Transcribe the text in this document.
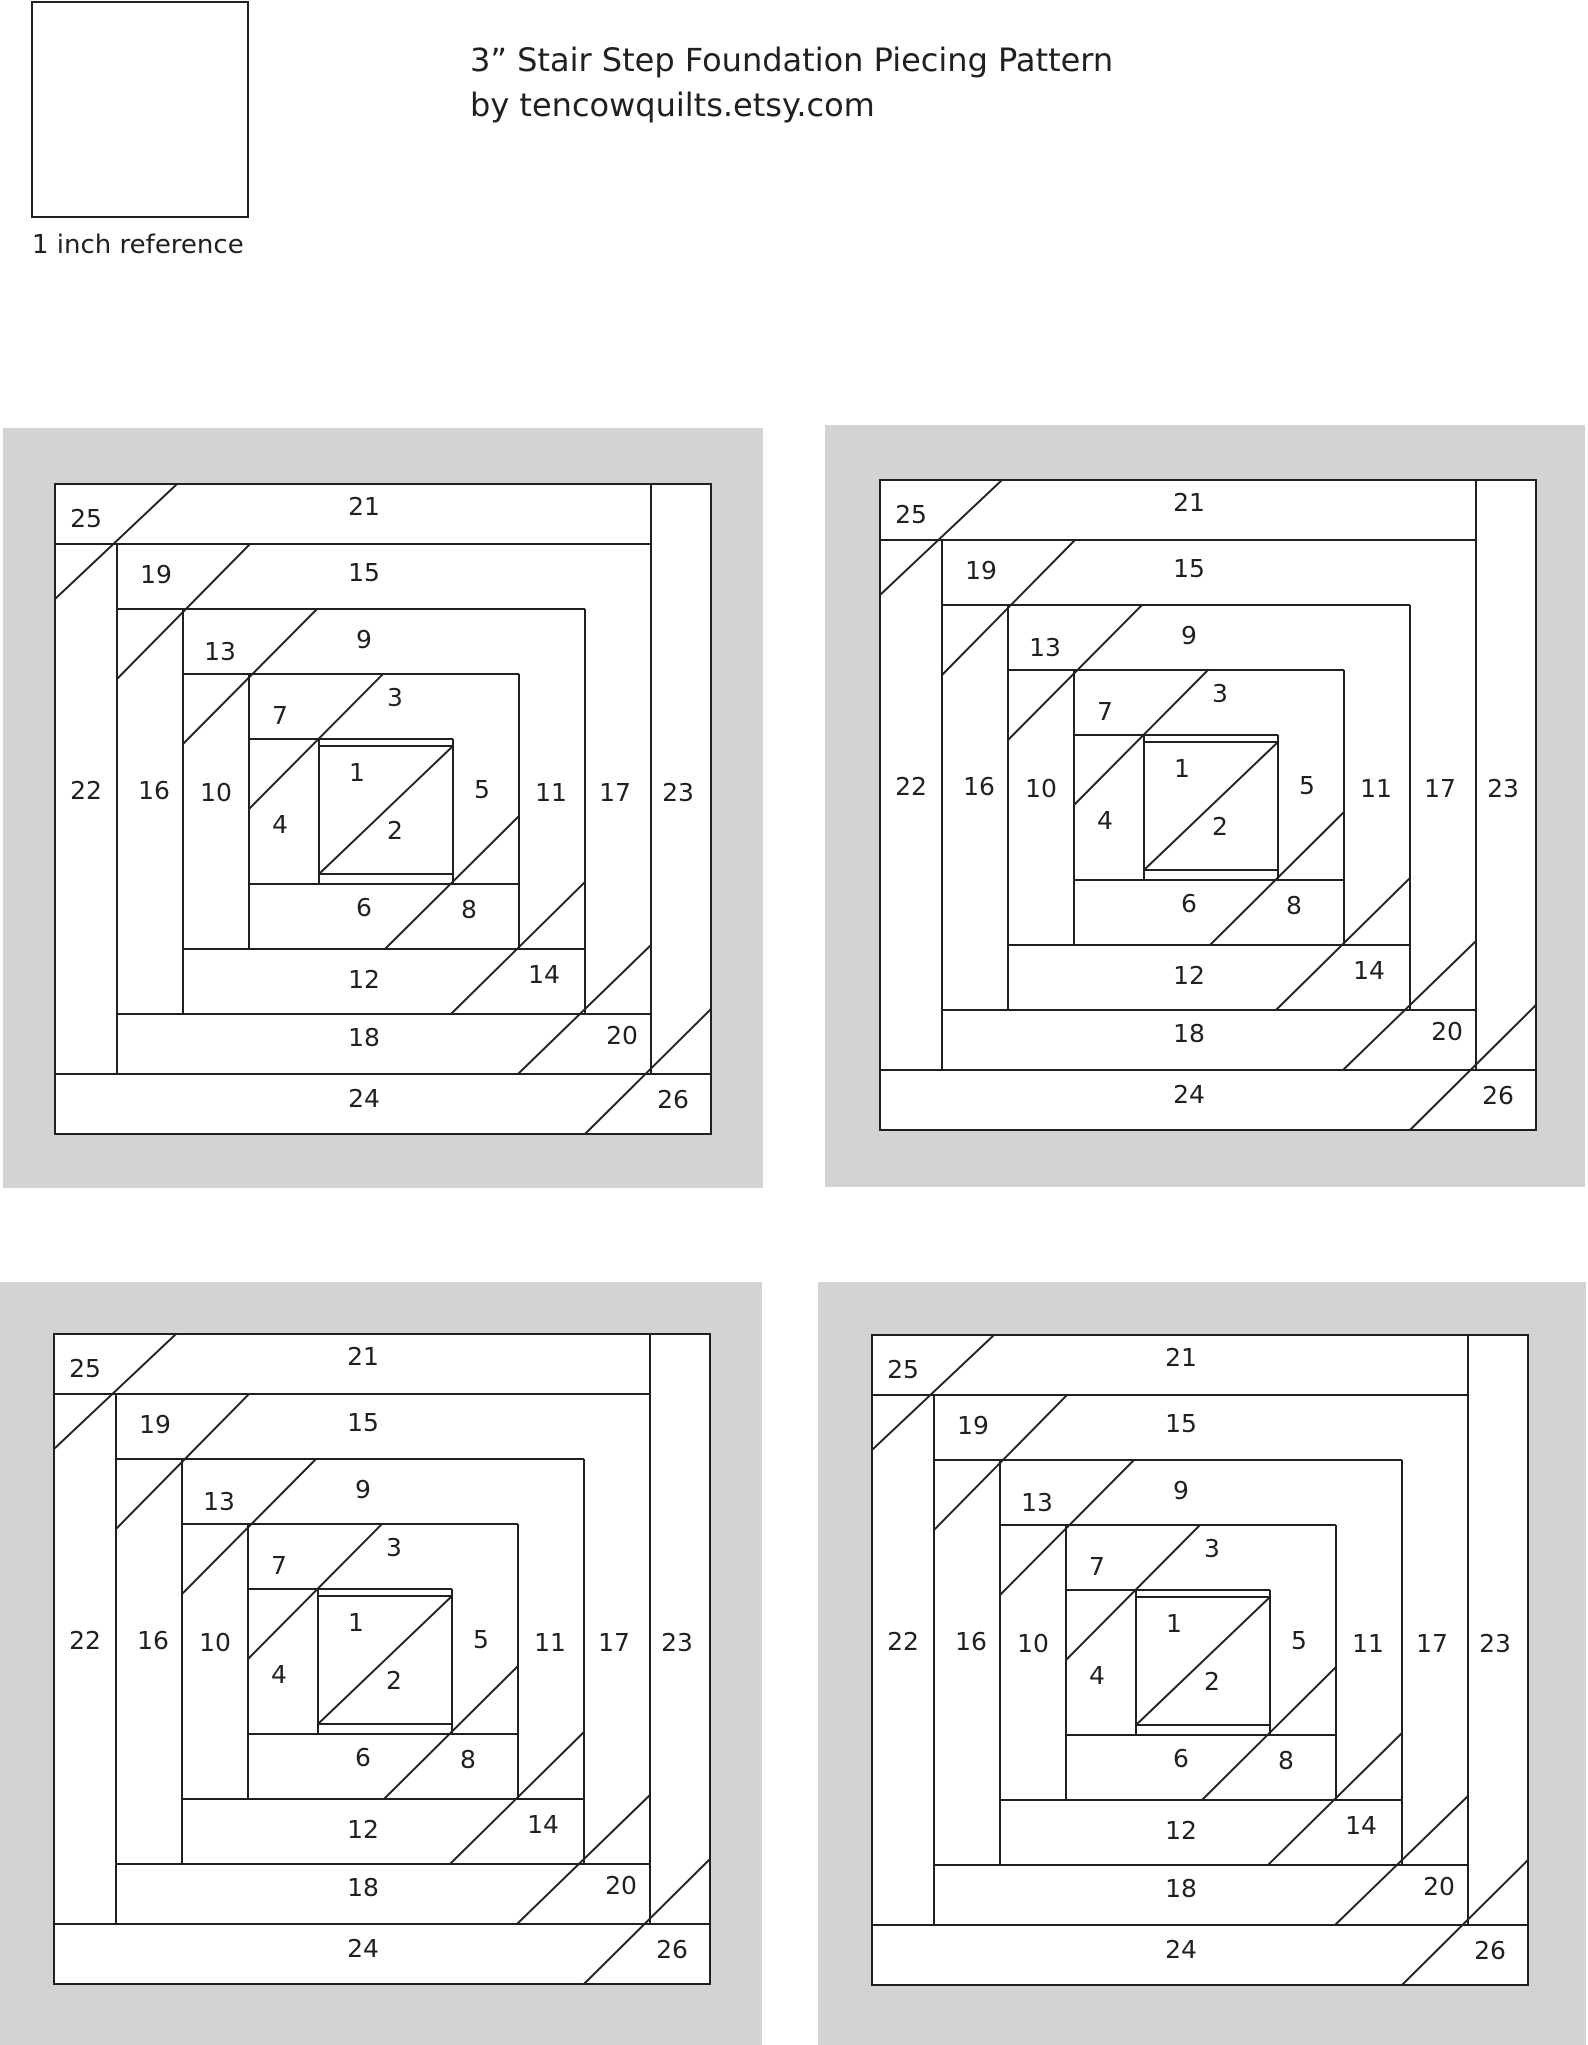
1 inch reference
3” Stair Step Foundation Piecing Pattern
by tencowquilts.etsy.com
1
2
3
4
5
6
7
8
9
10	11
12
13
14
15
16	17
18
19
20
21
22	23
24
25
26
1
2
3
4
5
6
7
8
9
10	11
12
13
14
15
16	17
18
19
20
21
22	23
24
25
26
1
2
3
4
5
6
7
8
9
10	11
12
13
14
15
16	17
18
19
20
21
22	23
24
25
26
1
2
3
4
5
6
7
8
9
10	11
12
13
14
15
16	17
18
19
20
21
22	23
24
25
26
